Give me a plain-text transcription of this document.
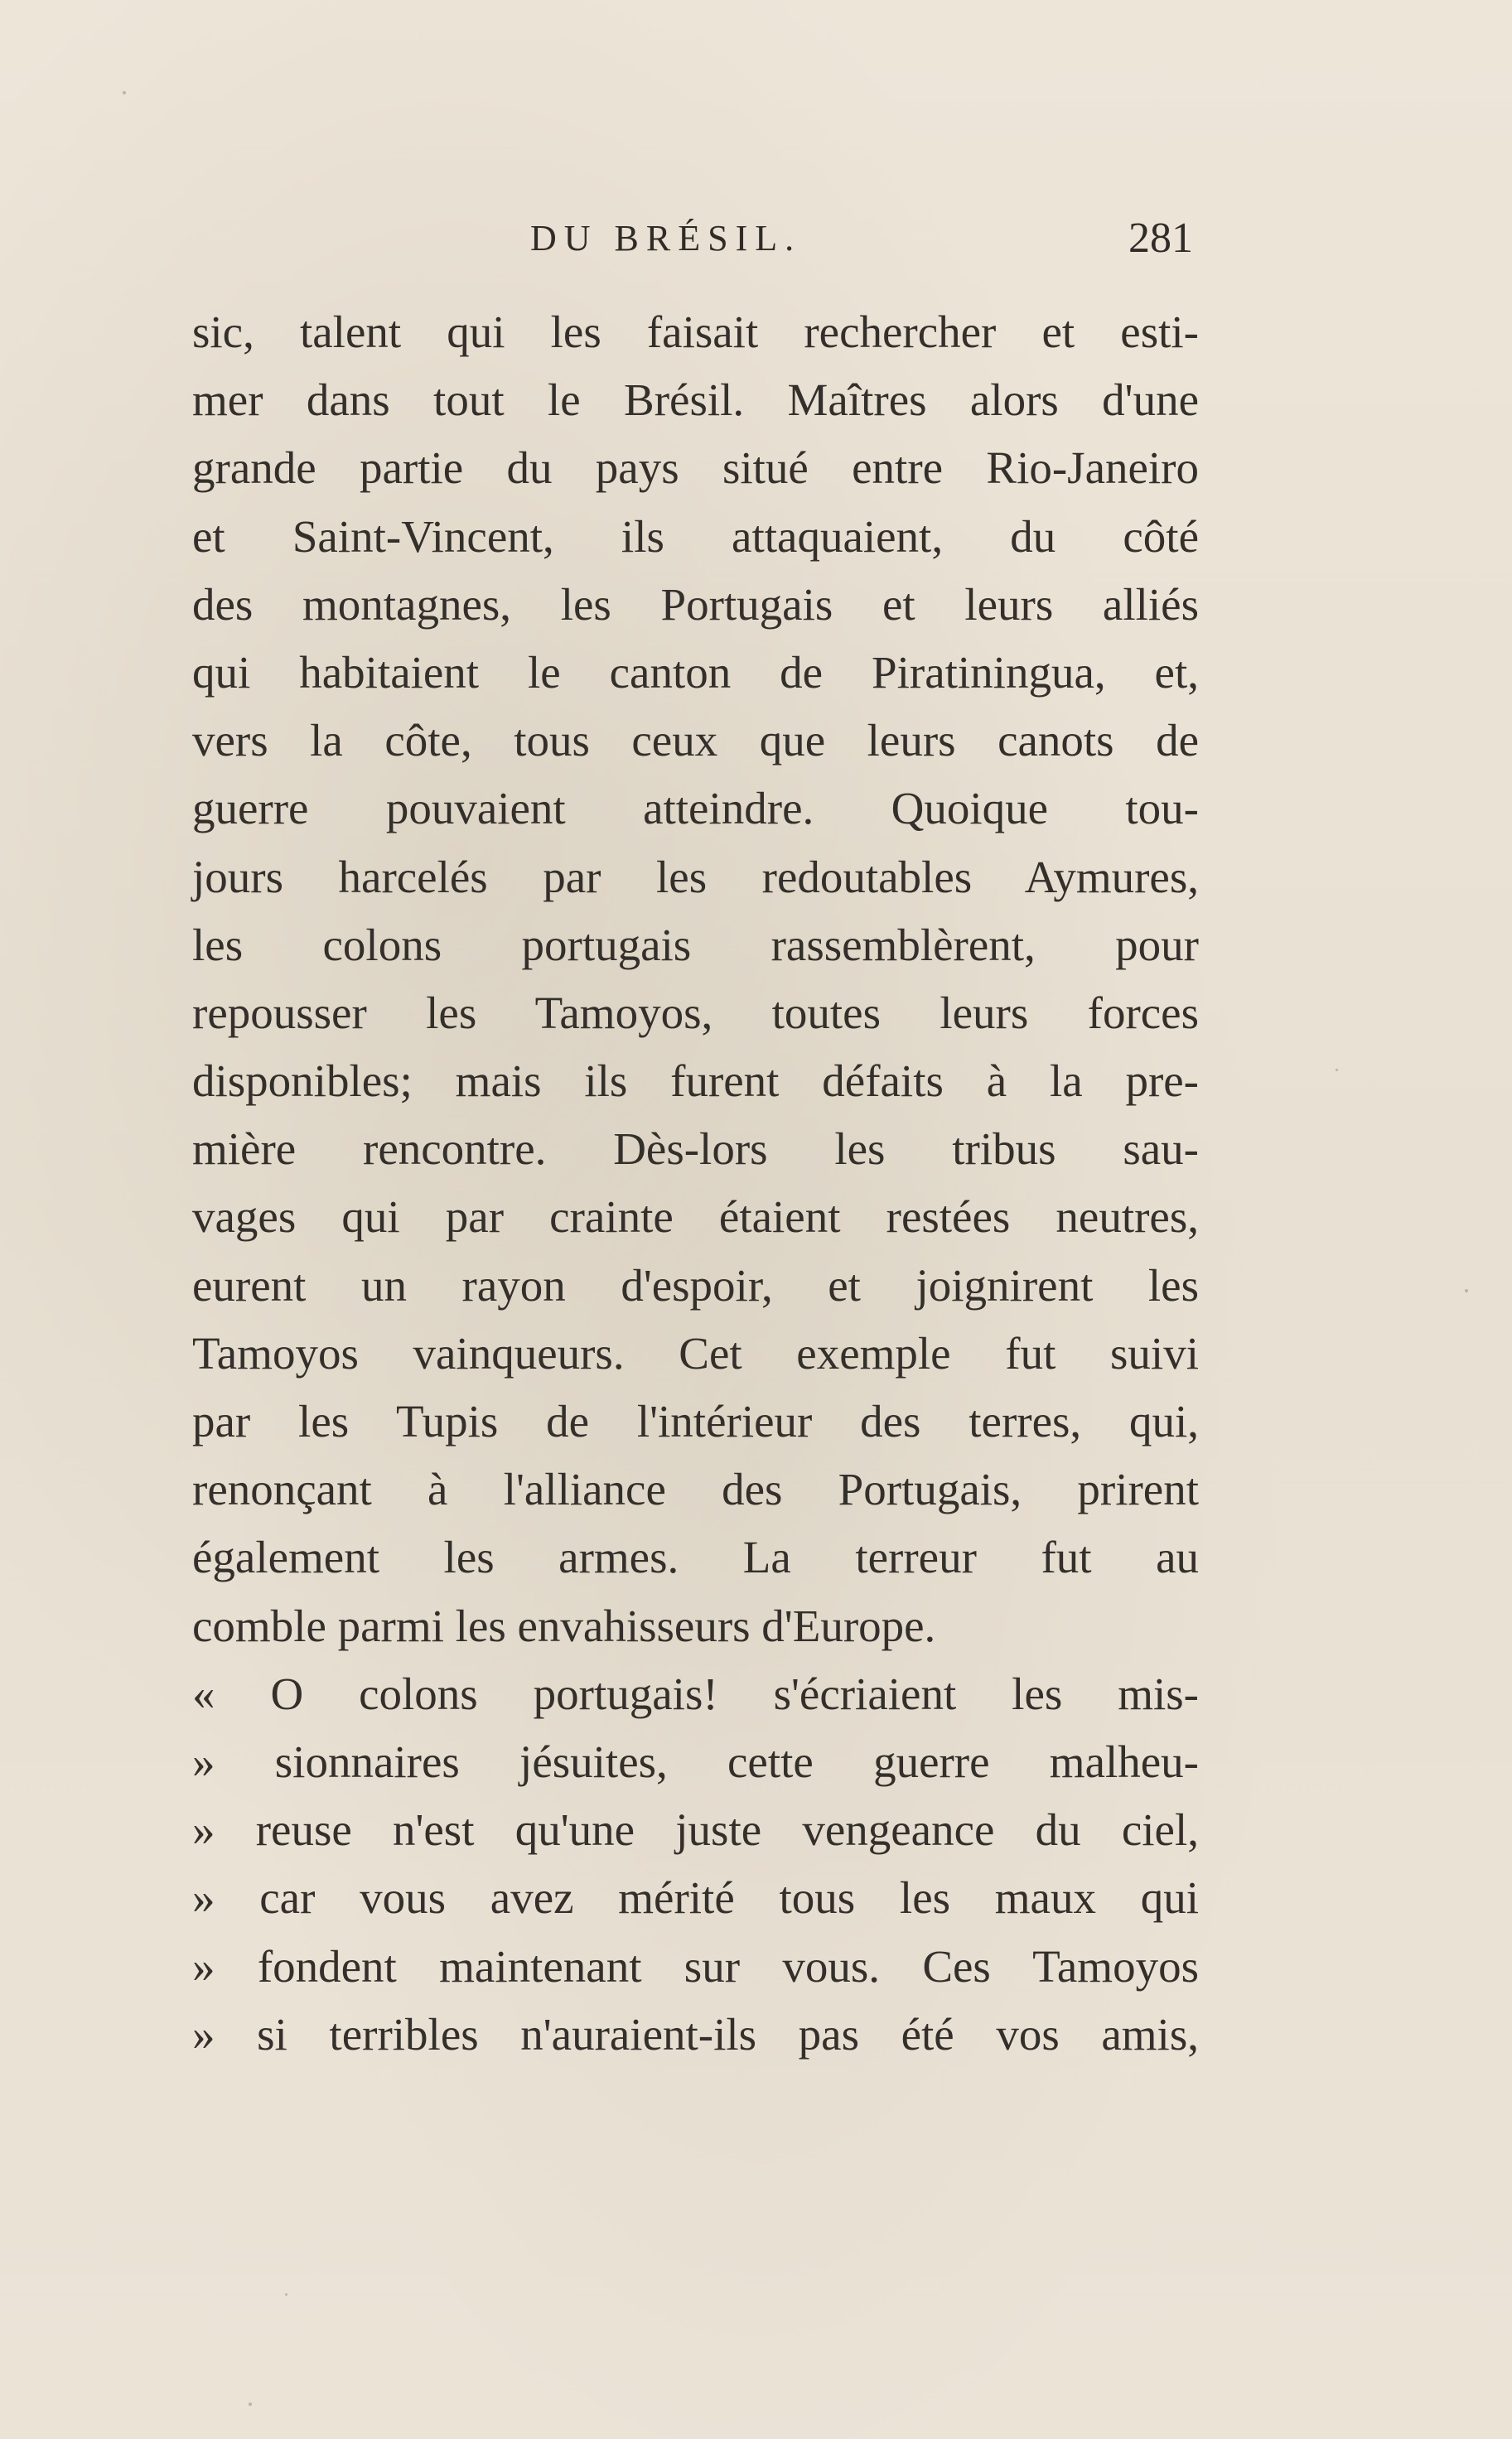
DU BRÉSIL.	281
sic, talent qui les faisait rechercher et esti-
mer dans tout le Brésil. Maîtres alors d'une
grande partie du pays situé entre Rio-Janeiro
et Saint-Vincent, ils attaquaient, du côté
des montagnes, les Portugais et leurs alliés
qui habitaient le canton de Piratiningua, et,
vers la côte, tous ceux que leurs canots de
guerre pouvaient atteindre. Quoique tou-
jours harcelés par les redoutables Aymures,
les colons portugais rassemblèrent, pour
repousser les Tamoyos, toutes leurs forces
disponibles; mais ils furent défaits à la pre-
mière rencontre. Dès-lors les tribus sau-
vages qui par crainte étaient restées neutres,
eurent un rayon d'espoir, et joignirent les
Tamoyos vainqueurs. Cet exemple fut suivi
par les Tupis de l'intérieur des terres, qui,
renonçant à l'alliance des Portugais, prirent
également les armes. La terreur fut au
comble parmi les envahisseurs d'Europe.
« O colons portugais! s'écriaient les mis-
» sionnaires jésuites, cette guerre malheu-
» reuse n'est qu'une juste vengeance du ciel,
» car vous avez mérité tous les maux qui
» fondent maintenant sur vous. Ces Tamoyos
» si terribles n'auraient-ils pas été vos amis,
